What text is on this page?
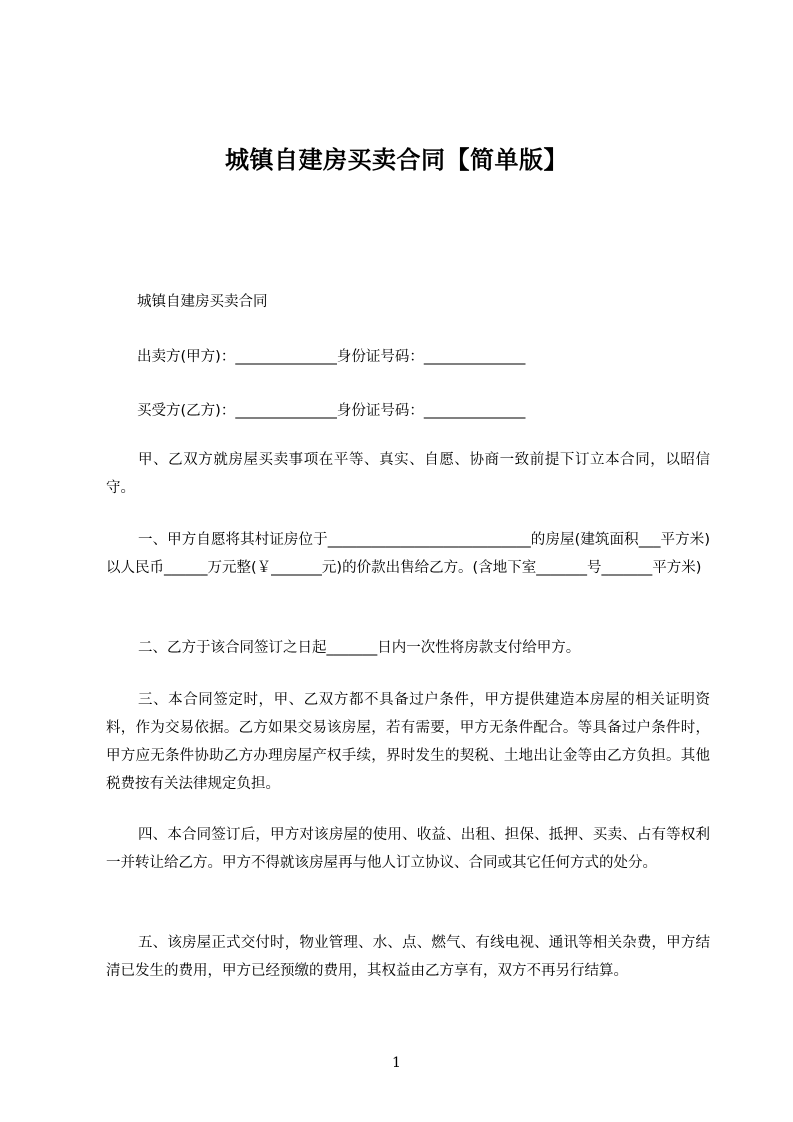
城镇自建房买卖合同【简单版】
城镇自建房买卖合同
出卖方(甲方)：______________身份证号码：______________
买受方(乙方)：______________身份证号码：______________
甲、乙双方就房屋买卖事项在平等、真实、自愿、协商一致前提下订立本合同，以昭信守。
一、甲方自愿将其村证房位于____________________________的房屋(建筑面积___平方米)以人民币______万元整(￥_______元)的价款出售给乙方。(含地下室_______号_______平方米)
二、乙方于该合同签订之日起_______日内一次性将房款支付给甲方。
三、本合同签定时，甲、乙双方都不具备过户条件，甲方提供建造本房屋的相关证明资料，作为交易依据。乙方如果交易该房屋，若有需要，甲方无条件配合。等具备过户条件时，甲方应无条件协助乙方办理房屋产权手续，界时发生的契税、土地出让金等由乙方负担。其他税费按有关法律规定负担。
四、本合同签订后，甲方对该房屋的使用、收益、出租、担保、抵押、买卖、占有等权利一并转让给乙方。甲方不得就该房屋再与他人订立协议、合同或其它任何方式的处分。
五、该房屋正式交付时，物业管理、水、点、燃气、有线电视、通讯等相关杂费，甲方结清已发生的费用，甲方已经预缴的费用，其权益由乙方享有，双方不再另行结算。
1
